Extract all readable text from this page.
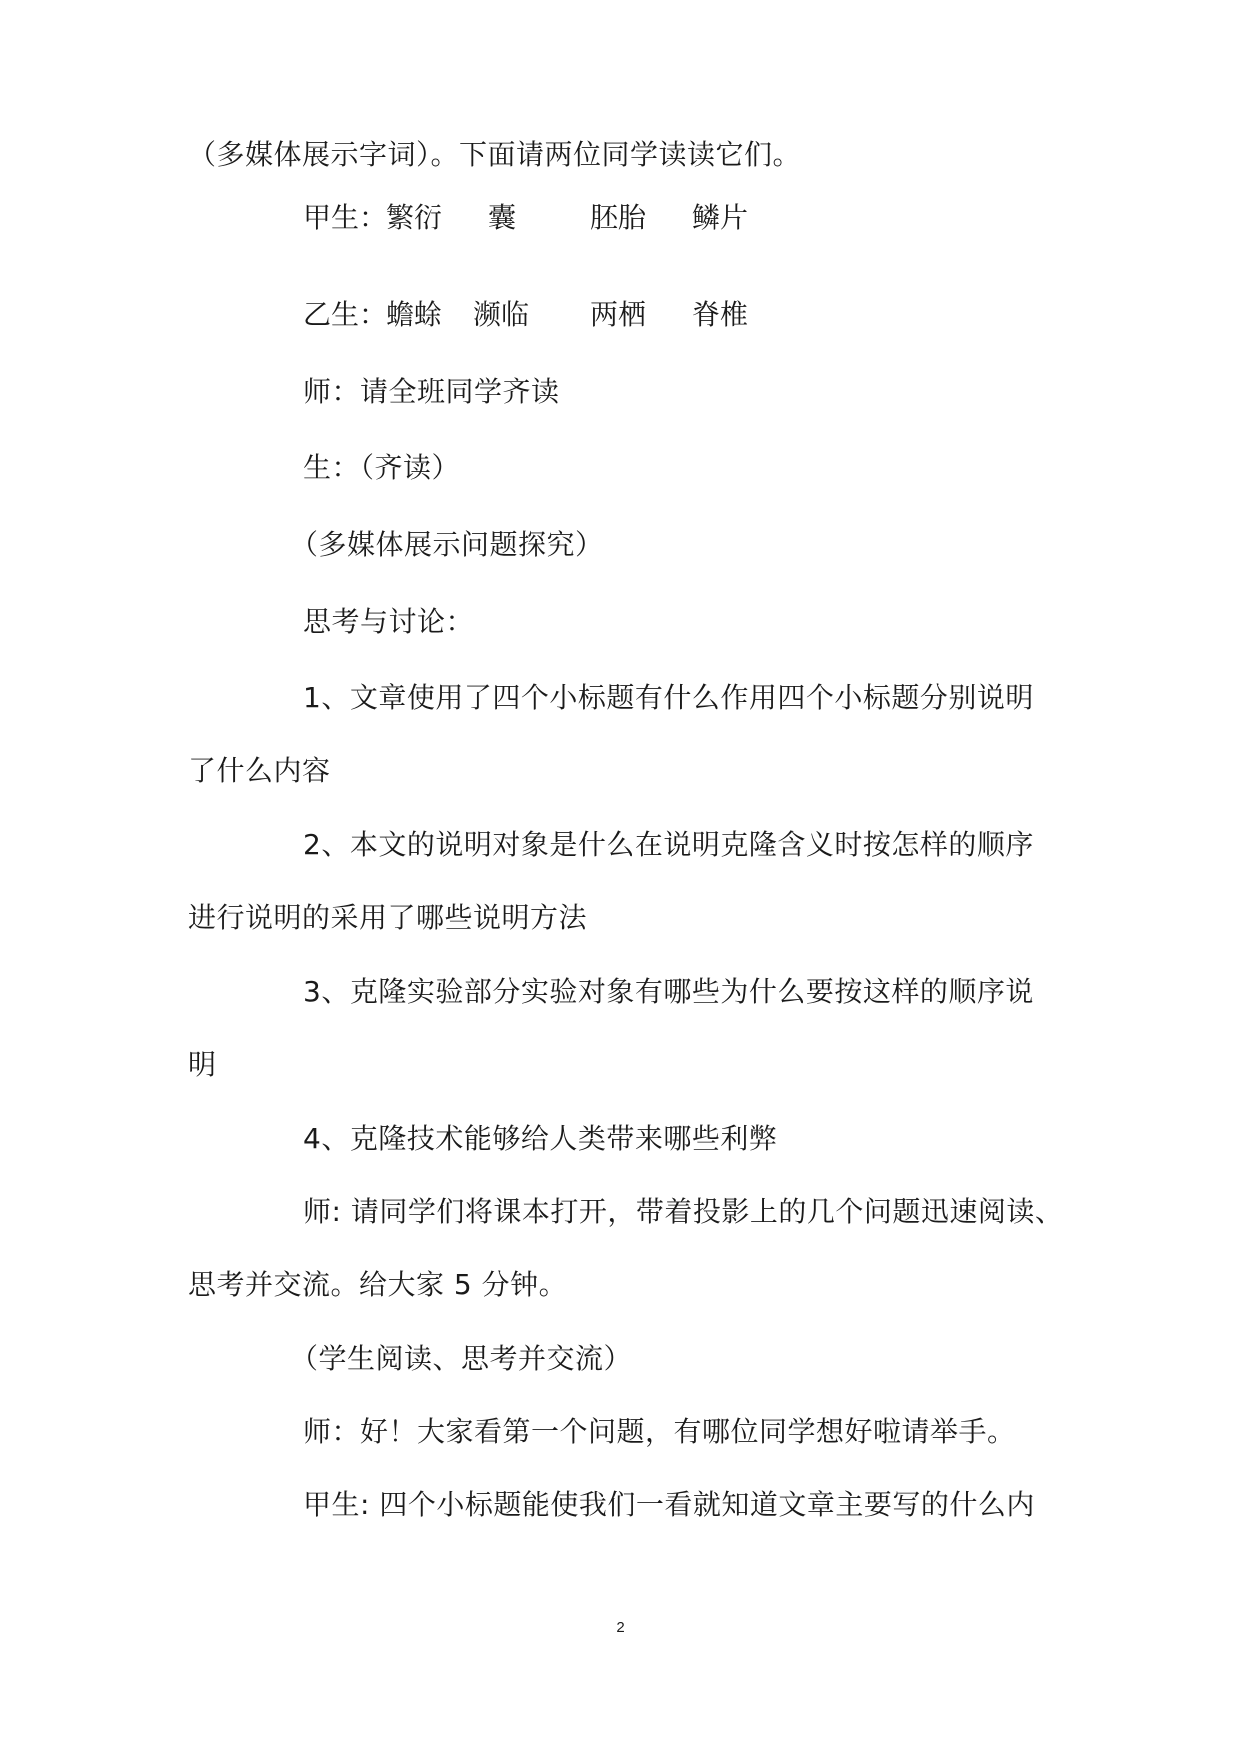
（多媒体展示字词）。下面请两位同学读读它们。
甲生：
繁衍 囊	胚胎 鳞片
乙生：
蟾蜍 濒临 两栖 脊椎
师：请全班同学齐读
生：（齐读）
（多媒体展示问题探究）
思考与讨论：
1、文章使用了四个小标题有什么作用四个小标题分别说明
了什么内容
2、本文的说明对象是什么在说明克隆含义时按怎样的顺序
进行说明的采用了哪些说明方法
3、克隆实验部分实验对象有哪些为什么要按这样的顺序说
明
4、克隆技术能够给人类带来哪些利弊
师: 请同学们将课本打开，带着投影上的几个问题迅速阅读、
思考并交流。给大家 5 分钟。
（学生阅读、思考并交流）
师：好！大家看第一个问题，有哪位同学想好啦请举手。
甲生: 四个小标题能使我们一看就知道文章主要写的什么内
2
